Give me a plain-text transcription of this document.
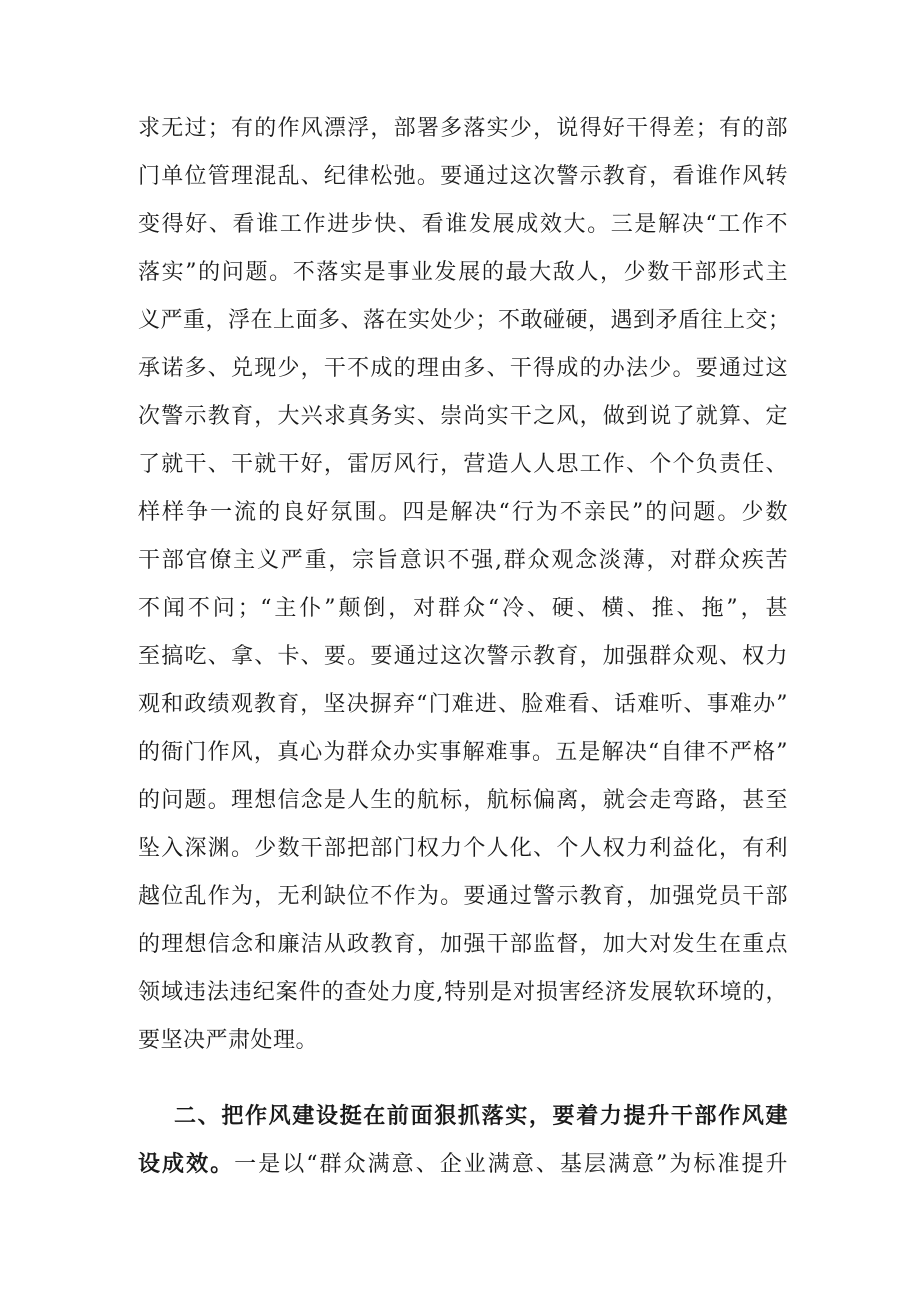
求无过；有的作风漂浮，部署多落实少，说得好干得差；有的部
门单位管理混乱、纪律松弛。要通过这次警示教育，看谁作风转
变得好、看谁工作进步快、看谁发展成效大。三是解决“工作不
落实”的问题。不落实是事业发展的最大敌人，少数干部形式主
义严重，浮在上面多、落在实处少；不敢碰硬，遇到矛盾往上交；
承诺多、兑现少，干不成的理由多、干得成的办法少。要通过这
次警示教育，大兴求真务实、崇尚实干之风，做到说了就算、定
了就干、干就干好，雷厉风行，营造人人思工作、个个负责任、
样样争一流的良好氛围。四是解决“行为不亲民”的问题。少数
干部官僚主义严重，宗旨意识不强,群众观念淡薄，对群众疾苦
不闻不问；“主仆”颠倒，对群众“冷、硬、横、推、拖”，甚
至搞吃、拿、卡、要。要通过这次警示教育，加强群众观、权力
观和政绩观教育，坚决摒弃“门难进、脸难看、话难听、事难办”
的衙门作风，真心为群众办实事解难事。五是解决“自律不严格”
的问题。理想信念是人生的航标，航标偏离，就会走弯路，甚至
坠入深渊。少数干部把部门权力个人化、个人权力利益化，有利
越位乱作为，无利缺位不作为。要通过警示教育，加强党员干部
的理想信念和廉洁从政教育，加强干部监督，加大对发生在重点
领域违法违纪案件的查处力度,特别是对损害经济发展软环境的，
要坚决严肃处理。
二、把作风建设挺在前面狠抓落实，要着力提升干部作风建
设成效。一是以“群众满意、企业满意、基层满意”为标准提升
